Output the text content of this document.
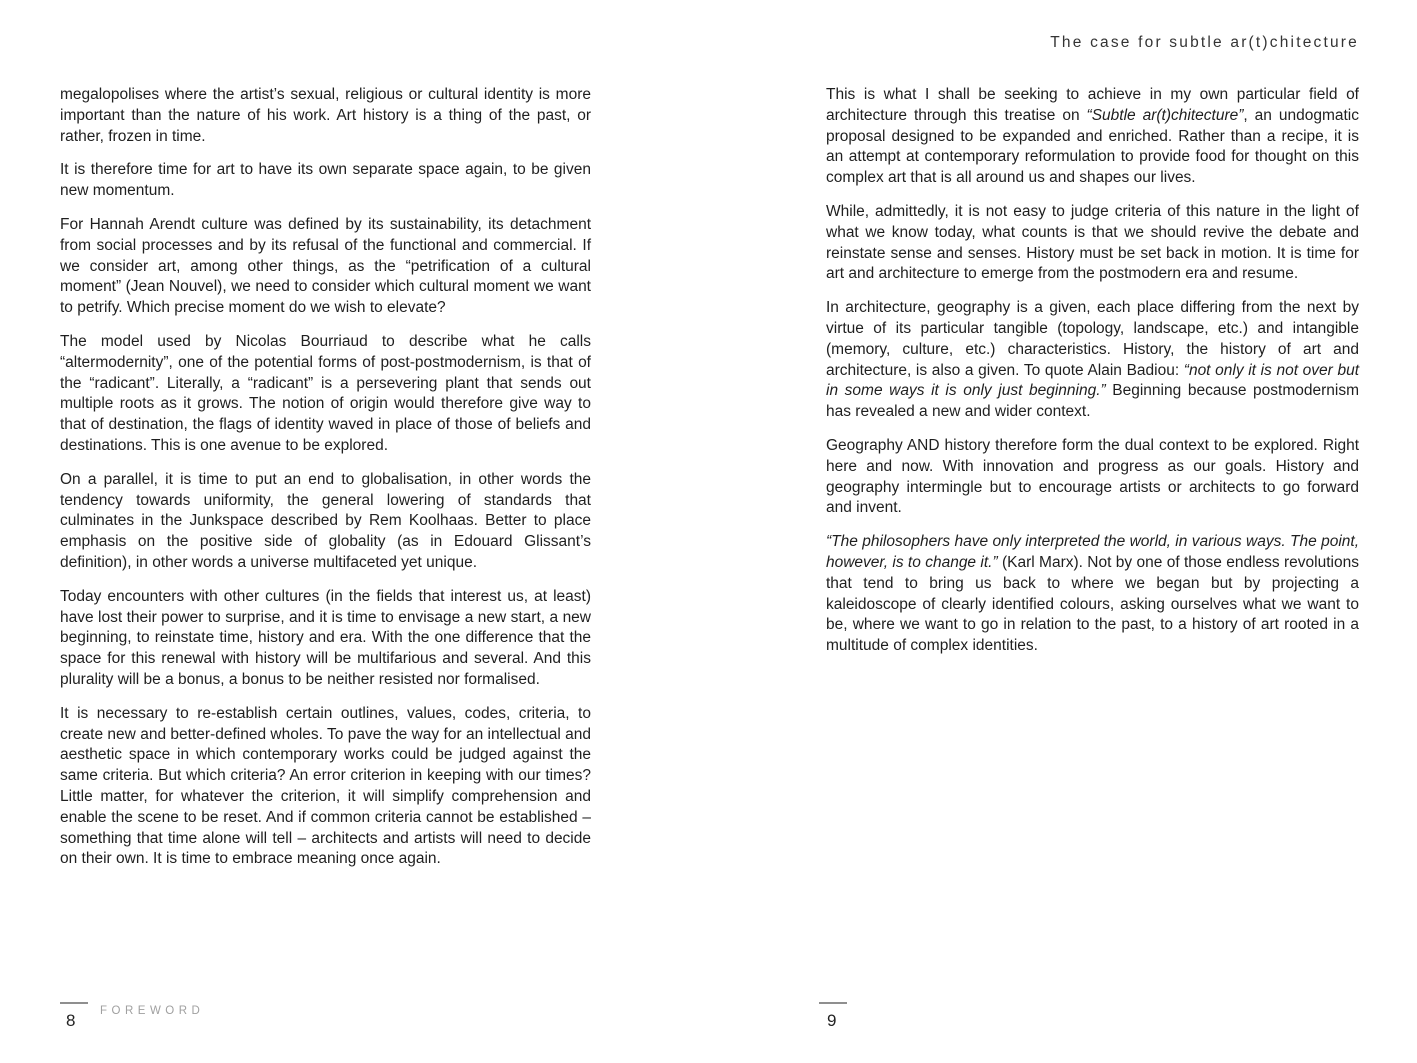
The case for subtle ar(t)chitecture

megalopolises where the artist’s sexual, religious or cultural identity is more important than the nature of his work. Art history is a thing of the past, or rather, frozen in time.

It is therefore time for art to have its own separate space again, to be given new momentum.

For Hannah Arendt culture was defined by its sustainability, its detachment from social processes and by its refusal of the functional and commercial. If we consider art, among other things, as the “petrification of a cultural moment” (Jean Nouvel), we need to consider which cultural moment we want to petrify. Which precise moment do we wish to elevate?

The model used by Nicolas Bourriaud to describe what he calls “altermodernity”, one of the potential forms of post-postmodernism, is that of the “radicant”. Literally, a “radicant” is a persevering plant that sends out multiple roots as it grows. The notion of origin would therefore give way to that of destination, the flags of identity waved in place of those of beliefs and destinations. This is one avenue to be explored.

On a parallel, it is time to put an end to globalisation, in other words the tendency towards uniformity, the general lowering of standards that culminates in the Junkspace described by Rem Koolhaas. Better to place emphasis on the positive side of globality (as in Edouard Glissant’s definition), in other words a universe multifaceted yet unique.

Today encounters with other cultures (in the fields that interest us, at least) have lost their power to surprise, and it is time to envisage a new start, a new beginning, to reinstate time, history and era. With the one difference that the space for this renewal with history will be multifarious and several. And this plurality will be a bonus, a bonus to be neither resisted nor formalised.

It is necessary to re-establish certain outlines, values, codes, criteria, to create new and better-defined wholes. To pave the way for an intellectual and aesthetic space in which contemporary works could be judged against the same criteria. But which criteria? An error criterion in keeping with our times? Little matter, for whatever the criterion, it will simplify comprehension and enable the scene to be reset. And if common criteria cannot be established – something that time alone will tell – architects and artists will need to decide on their own. It is time to embrace meaning once again.

This is what I shall be seeking to achieve in my own particular field of architecture through this treatise on “Subtle ar(t)chitecture”, an undogmatic proposal designed to be expanded and enriched. Rather than a recipe, it is an attempt at contemporary reformulation to provide food for thought on this complex art that is all around us and shapes our lives.

While, admittedly, it is not easy to judge criteria of this nature in the light of what we know today, what counts is that we should revive the debate and reinstate sense and senses. History must be set back in motion. It is time for art and architecture to emerge from the postmodern era and resume.

In architecture, geography is a given, each place differing from the next by virtue of its particular tangible (topology, landscape, etc.) and intangible (memory, culture, etc.) characteristics. History, the history of art and architecture, is also a given. To quote Alain Badiou: “not only it is not over but in some ways it is only just beginning.” Beginning because postmodernism has revealed a new and wider context.

Geography AND history therefore form the dual context to be explored. Right here and now. With innovation and progress as our goals. History and geography intermingle but to encourage artists or architects to go forward and invent.

“The philosophers have only interpreted the world, in various ways. The point, however, is to change it.” (Karl Marx). Not by one of those endless revolutions that tend to bring us back to where we began but by projecting a kaleidoscope of clearly identified colours, asking ourselves what we want to be, where we want to go in relation to the past, to a history of art rooted in a multitude of complex identities.

8 FOREWORD	9
